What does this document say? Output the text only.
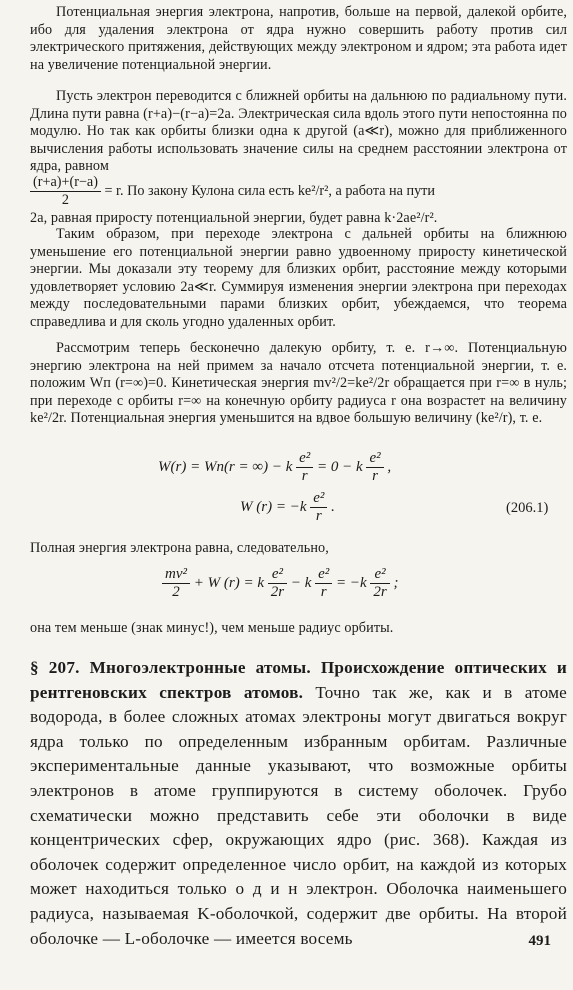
Потенциальная энергия электрона, напротив, больше на первой, далекой орбите, ибо для удаления электрона от ядра нужно совершить работу против сил электрического притяжения, действующих между электроном и ядром; эта работа идет на увеличение потенциальной энергии.
Пусть электрон переводится с ближней орбиты на дальнюю по радиальному пути. Длина пути равна (r+a)−(r−a)=2a. Электрическая сила вдоль этого пути непостоянна по модулю. Но так как орбиты близки одна к другой (a≪r), можно для приближенного вычисления работы использовать значение силы на среднем расстоянии электрона от ядра, равном
$\frac{(r+a)+(r-a)}{2} = r$. По закону Кулона сила есть ke²/r², а работа на пути
2a, равная приросту потенциальной энергии, будет равна k·2ae²/r².
Таким образом, при переходе электрона с дальней орбиты на ближнюю уменьшение его потенциальной энергии равно удвоенному приросту кинетической энергии. Мы доказали эту теорему для близких орбит, расстояние между которыми удовлетворяет условию 2a≪r. Суммируя изменения энергии электрона при переходах между последовательными парами близких орбит, убеждаемся, что теорема справедлива и для сколь угодно удаленных орбит.
Рассмотрим теперь бесконечно далекую орбиту, т. е. r→∞. Потенциальную энергию электрона на ней примем за начало отсчета потенциальной энергии, т. е. положим Wп (r=∞)=0. Кинетическая энергия mv²/2=ke²/2r обращается при r=∞ в нуль; при переходе с орбиты r=∞ на конечную орбиту радиуса r она возрастет на величину ke²/2r. Потенциальная энергия уменьшится на вдвое большую величину (ke²/r), т. е.
W(r) = Wп(r = ∞) − k $\frac{\text{e²}}{r} = 0 - k \frac{\text{e²}}{r}$ ,
W $(r) = -k \frac{\text{e²}}{r}$ .	(206.1)
Полная энергия электрона равна, следовательно,
$\frac{\text{mv²}}{2} + W$ (r) = k $\frac{\text{e²}}{2r} - k \frac{\text{e²}}{r} = -k \frac{\text{e²}}{2r}$ ;
она тем меньше (знак минус!), чем меньше радиус орбиты.
§ 207. Многоэлектронные атомы. Происхождение оптических и рентгеновских спектров атомов. Точно так же, как и в атоме водорода, в более сложных атомах электроны могут двигаться вокруг ядра только по определенным избранным орбитам. Различные экспериментальные данные указывают, что возможные орбиты электронов в атоме группируются в систему оболочек. Грубо схематически можно представить себе эти оболочки в виде концентрических сфер, окружающих ядро (рис. 368). Каждая из оболочек содержит определенное число орбит, на каждой из которых может находиться только о д и н электрон. Оболочка наименьшего радиуса, называемая K-оболочкой, содержит две орбиты. На второй оболочке — L-оболочке — имеется восемь	491
